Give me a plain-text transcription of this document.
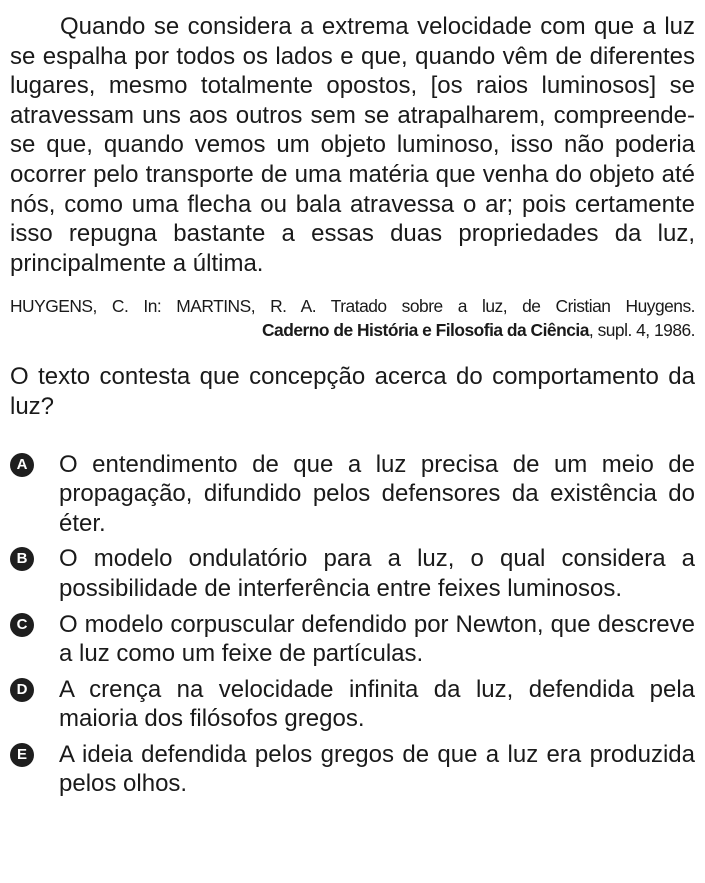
Quando se considera a extrema velocidade com que a luz se espalha por todos os lados e que, quando vêm de diferentes lugares, mesmo totalmente opostos, [os raios luminosos] se atravessam uns aos outros sem se atrapalharem, compreende-se que, quando vemos um objeto luminoso, isso não poderia ocorrer pelo transporte de uma matéria que venha do objeto até nós, como uma flecha ou bala atravessa o ar; pois certamente isso repugna bastante a essas duas propriedades da luz, principalmente a última.

HUYGENS, C. In: MARTINS, R. A. Tratado sobre a luz, de Cristian Huygens.
Caderno de História e Filosofia da Ciência, supl. 4, 1986.

O texto contesta que concepção acerca do comportamento da luz?

A O entendimento de que a luz precisa de um meio de propagação, difundido pelos defensores da existência do éter.
B O modelo ondulatório para a luz, o qual considera a possibilidade de interferência entre feixes luminosos.
C O modelo corpuscular defendido por Newton, que descreve a luz como um feixe de partículas.
D A crença na velocidade infinita da luz, defendida pela maioria dos filósofos gregos.
E A ideia defendida pelos gregos de que a luz era produzida pelos olhos.
